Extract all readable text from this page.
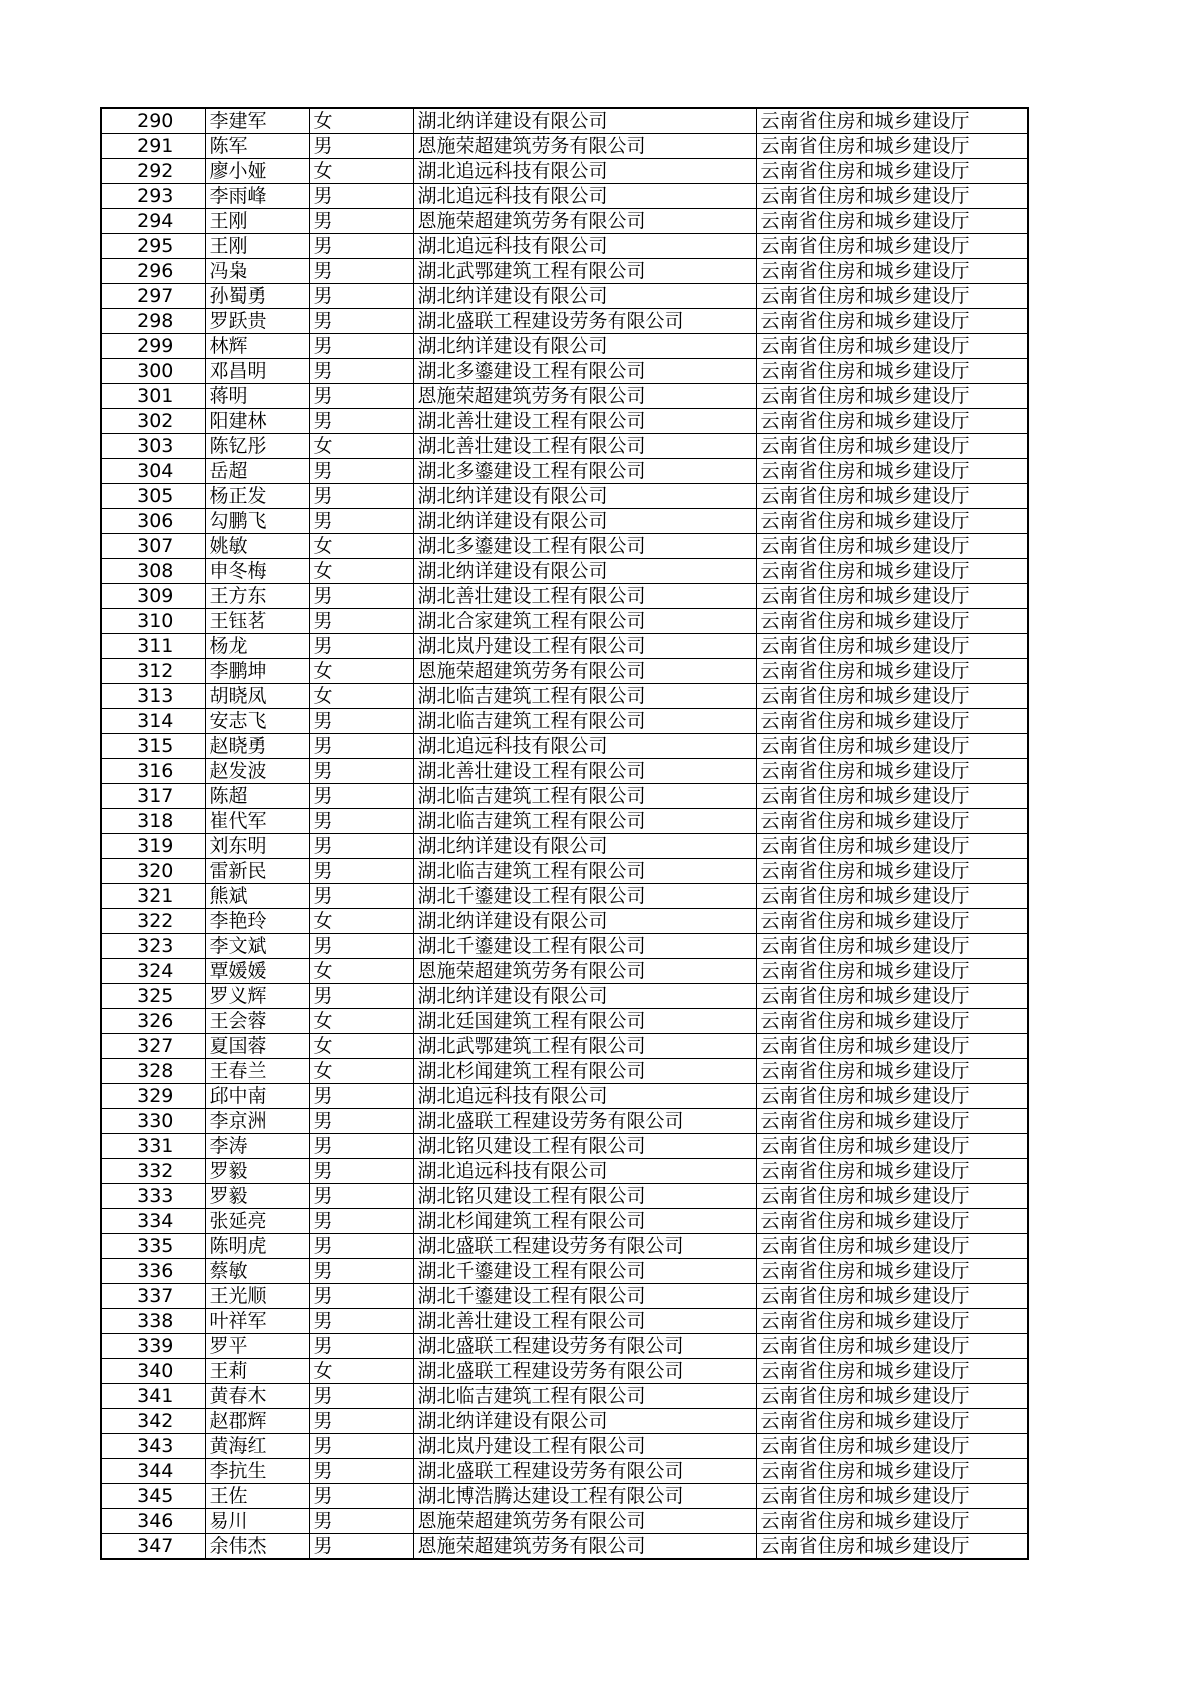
290	李建军	女	湖北纳详建设有限公司	云南省住房和城乡建设厅
291	陈军	男	恩施荣超建筑劳务有限公司	云南省住房和城乡建设厅
292	廖小娅	女	湖北追远科技有限公司	云南省住房和城乡建设厅
293	李雨峰	男	湖北追远科技有限公司	云南省住房和城乡建设厅
294	王刚	男	恩施荣超建筑劳务有限公司	云南省住房和城乡建设厅
295	王刚	男	湖北追远科技有限公司	云南省住房和城乡建设厅
296	冯枭	男	湖北武鄂建筑工程有限公司	云南省住房和城乡建设厅
297	孙蜀勇	男	湖北纳详建设有限公司	云南省住房和城乡建设厅
298	罗跃贵	男	湖北盛联工程建设劳务有限公司	云南省住房和城乡建设厅
299	林辉	男	湖北纳详建设有限公司	云南省住房和城乡建设厅
300	邓昌明	男	湖北多鎏建设工程有限公司	云南省住房和城乡建设厅
301	蒋明	男	恩施荣超建筑劳务有限公司	云南省住房和城乡建设厅
302	阳建林	男	湖北善壮建设工程有限公司	云南省住房和城乡建设厅
303	陈钇彤	女	湖北善壮建设工程有限公司	云南省住房和城乡建设厅
304	岳超	男	湖北多鎏建设工程有限公司	云南省住房和城乡建设厅
305	杨正发	男	湖北纳详建设有限公司	云南省住房和城乡建设厅
306	勾鹏飞	男	湖北纳详建设有限公司	云南省住房和城乡建设厅
307	姚敏	女	湖北多鎏建设工程有限公司	云南省住房和城乡建设厅
308	申冬梅	女	湖北纳详建设有限公司	云南省住房和城乡建设厅
309	王方东	男	湖北善壮建设工程有限公司	云南省住房和城乡建设厅
310	王钰茗	男	湖北合家建筑工程有限公司	云南省住房和城乡建设厅
311	杨龙	男	湖北岚丹建设工程有限公司	云南省住房和城乡建设厅
312	李鹏坤	女	恩施荣超建筑劳务有限公司	云南省住房和城乡建设厅
313	胡晓凤	女	湖北临吉建筑工程有限公司	云南省住房和城乡建设厅
314	安志飞	男	湖北临吉建筑工程有限公司	云南省住房和城乡建设厅
315	赵晓勇	男	湖北追远科技有限公司	云南省住房和城乡建设厅
316	赵发波	男	湖北善壮建设工程有限公司	云南省住房和城乡建设厅
317	陈超	男	湖北临吉建筑工程有限公司	云南省住房和城乡建设厅
318	崔代军	男	湖北临吉建筑工程有限公司	云南省住房和城乡建设厅
319	刘东明	男	湖北纳详建设有限公司	云南省住房和城乡建设厅
320	雷新民	男	湖北临吉建筑工程有限公司	云南省住房和城乡建设厅
321	熊斌	男	湖北千鎏建设工程有限公司	云南省住房和城乡建设厅
322	李艳玲	女	湖北纳详建设有限公司	云南省住房和城乡建设厅
323	李文斌	男	湖北千鎏建设工程有限公司	云南省住房和城乡建设厅
324	覃媛媛	女	恩施荣超建筑劳务有限公司	云南省住房和城乡建设厅
325	罗义辉	男	湖北纳详建设有限公司	云南省住房和城乡建设厅
326	王会蓉	女	湖北廷国建筑工程有限公司	云南省住房和城乡建设厅
327	夏国蓉	女	湖北武鄂建筑工程有限公司	云南省住房和城乡建设厅
328	王春兰	女	湖北杉闻建筑工程有限公司	云南省住房和城乡建设厅
329	邱中南	男	湖北追远科技有限公司	云南省住房和城乡建设厅
330	李京洲	男	湖北盛联工程建设劳务有限公司	云南省住房和城乡建设厅
331	李涛	男	湖北铭贝建设工程有限公司	云南省住房和城乡建设厅
332	罗毅	男	湖北追远科技有限公司	云南省住房和城乡建设厅
333	罗毅	男	湖北铭贝建设工程有限公司	云南省住房和城乡建设厅
334	张延亮	男	湖北杉闻建筑工程有限公司	云南省住房和城乡建设厅
335	陈明虎	男	湖北盛联工程建设劳务有限公司	云南省住房和城乡建设厅
336	蔡敏	男	湖北千鎏建设工程有限公司	云南省住房和城乡建设厅
337	王光顺	男	湖北千鎏建设工程有限公司	云南省住房和城乡建设厅
338	叶祥军	男	湖北善壮建设工程有限公司	云南省住房和城乡建设厅
339	罗平	男	湖北盛联工程建设劳务有限公司	云南省住房和城乡建设厅
340	王莉	女	湖北盛联工程建设劳务有限公司	云南省住房和城乡建设厅
341	黄春木	男	湖北临吉建筑工程有限公司	云南省住房和城乡建设厅
342	赵郡辉	男	湖北纳详建设有限公司	云南省住房和城乡建设厅
343	黄海红	男	湖北岚丹建设工程有限公司	云南省住房和城乡建设厅
344	李抗生	男	湖北盛联工程建设劳务有限公司	云南省住房和城乡建设厅
345	王佐	男	湖北博浩腾达建设工程有限公司	云南省住房和城乡建设厅
346	易川	男	恩施荣超建筑劳务有限公司	云南省住房和城乡建设厅
347	余伟杰	男	恩施荣超建筑劳务有限公司	云南省住房和城乡建设厅
